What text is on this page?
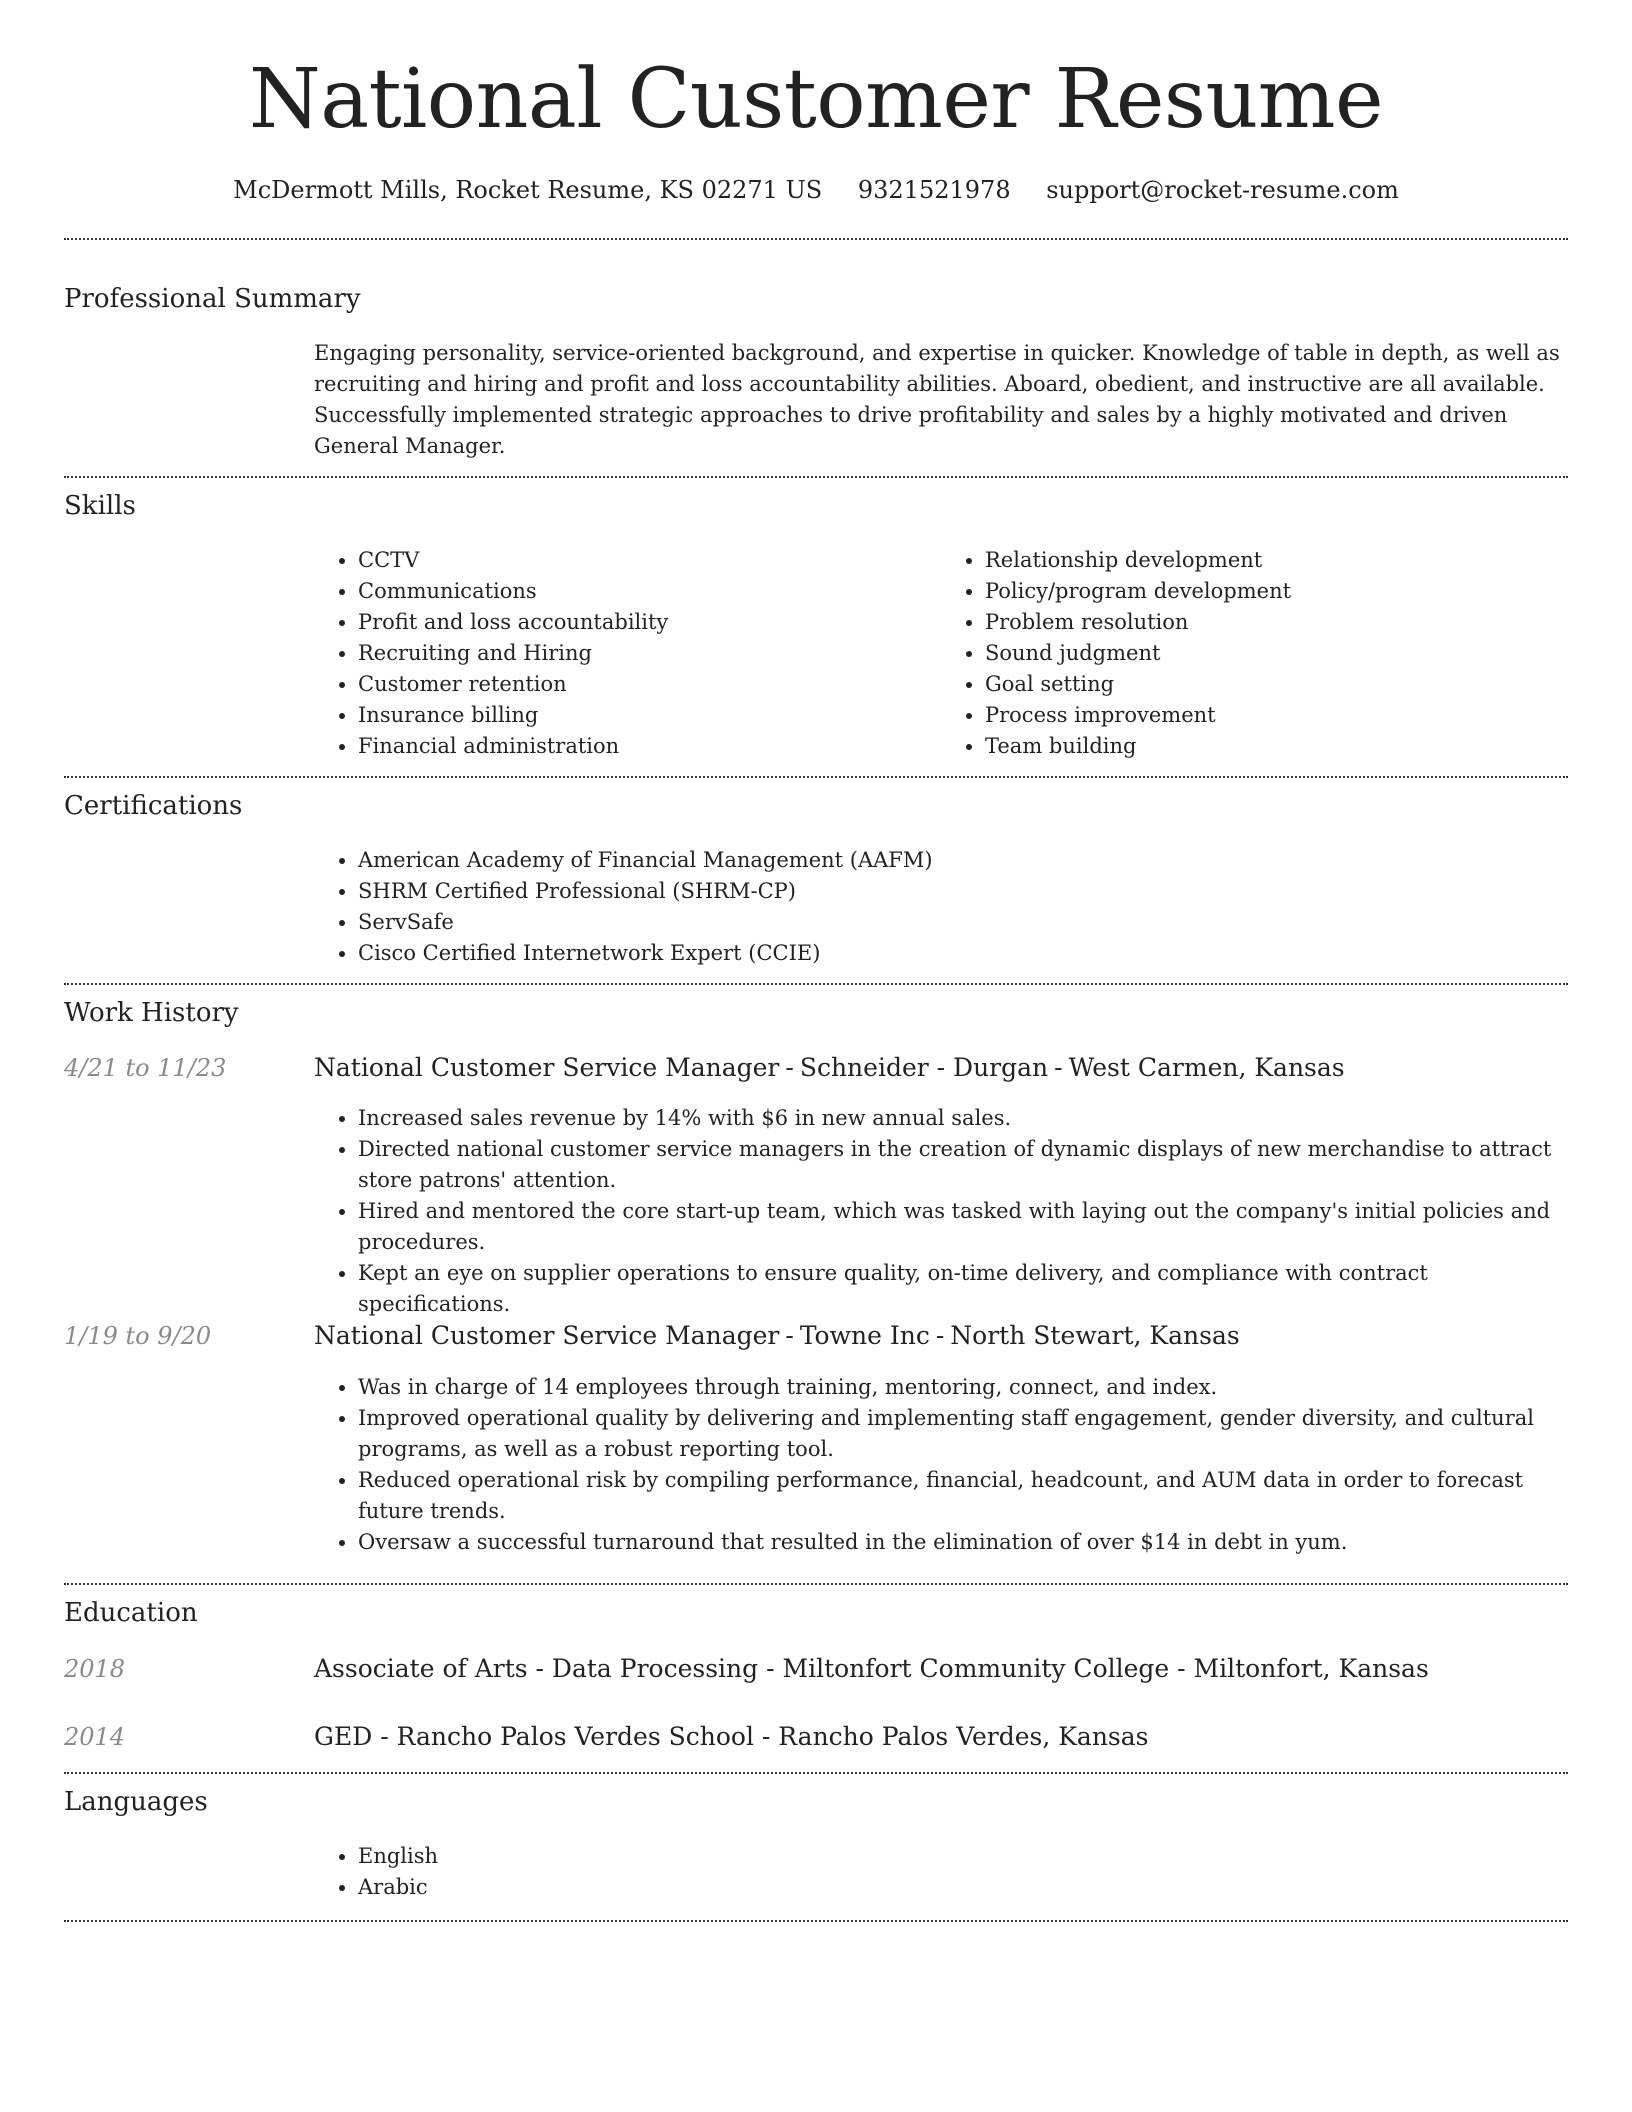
National Customer Resume
McDermott Mills, Rocket Resume, KS 02271 US 9321521978 support@rocket-resume.com
Professional Summary

Engaging personality, service-oriented background, and expertise in quicker. Knowledge of table in depth, as well as recruiting and hiring and profit and loss accountability abilities. Aboard, obedient, and instructive are all available. Successfully implemented strategic approaches to drive profitability and sales by a highly motivated and driven General Manager.

Skills
• CCTV
• Communications
• Profit and loss accountability
• Recruiting and Hiring
• Customer retention
• Insurance billing
• Financial administration
• Relationship development
• Policy/program development
• Problem resolution
• Sound judgment
• Goal setting
• Process improvement
• Team building
Certifications
• American Academy of Financial Management (AAFM)
• SHRM Certified Professional (SHRM-CP)
• ServSafe
• Cisco Certified Internetwork Expert (CCIE)
Work History
4/21 to 11/23	National Customer Service Manager - Schneider - Durgan - West Carmen, Kansas
• Increased sales revenue by 14% with $6 in new annual sales.
• Directed national customer service managers in the creation of dynamic displays of new merchandise to attract store patrons' attention.
• Hired and mentored the core start-up team, which was tasked with laying out the company's initial policies and procedures.
• Kept an eye on supplier operations to ensure quality, on-time delivery, and compliance with contract specifications.
1/19 to 9/20	National Customer Service Manager - Towne Inc - North Stewart, Kansas
• Was in charge of 14 employees through training, mentoring, connect, and index.
• Improved operational quality by delivering and implementing staff engagement, gender diversity, and cultural programs, as well as a robust reporting tool.
• Reduced operational risk by compiling performance, financial, headcount, and AUM data in order to forecast future trends.
• Oversaw a successful turnaround that resulted in the elimination of over $14 in debt in yum.
Education
2018	Associate of Arts - Data Processing - Miltonfort Community College - Miltonfort, Kansas
2014	GED - Rancho Palos Verdes School - Rancho Palos Verdes, Kansas
Languages
• English
• Arabic
